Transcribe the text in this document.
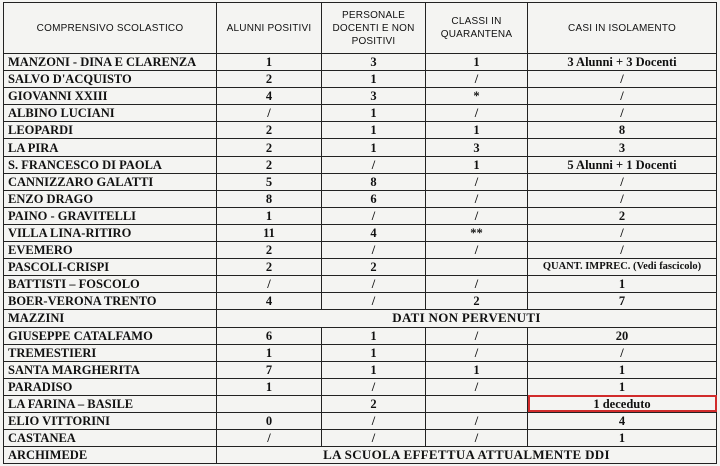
COMPRENSIVO SCOLASTICO	ALUNNI POSITIVI	PERSONALE DOCENTI E NON POSITIVI	CLASSI IN QUARANTENA	CASI IN ISOLAMENTO
MANZONI - DINA E CLARENZA	1	3	1	3 Alunni + 3 Docenti
SALVO D'ACQUISTO	2	1	/	/
GIOVANNI XXIII	4	3	*	/
ALBINO LUCIANI	/	1	/	/
LEOPARDI	2	1	1	8
LA PIRA	2	1	3	3
S. FRANCESCO DI PAOLA	2	/	1	5 Alunni + 1 Docenti
CANNIZZARO GALATTI	5	8	/	/
ENZO DRAGO	8	6	/	/
PAINO - GRAVITELLI	1	/	/	2
VILLA LINA-RITIRO	11	4	**	/
EVEMERO	2	/	/	/
PASCOLI-CRISPI	2	2		QUANT. IMPREC. (Vedi fascicolo)
BATTISTI – FOSCOLO	/	/	/	1
BOER-VERONA TRENTO	4	/	2	7
MAZZINI	DATI NON PERVENUTI			
GIUSEPPE CATALFAMO	6	1	/	20
TREMESTIERI	1	1	/	/
SANTA MARGHERITA	7	1	1	1
PARADISO	1	/	/	1
LA FARINA – BASILE		2		1 deceduto
ELIO VITTORINI	0	/	/	4
CASTANEA	/	/	/	1
ARCHIMEDE	LA SCUOLA EFFETTUA ATTUALMENTE DDI			
